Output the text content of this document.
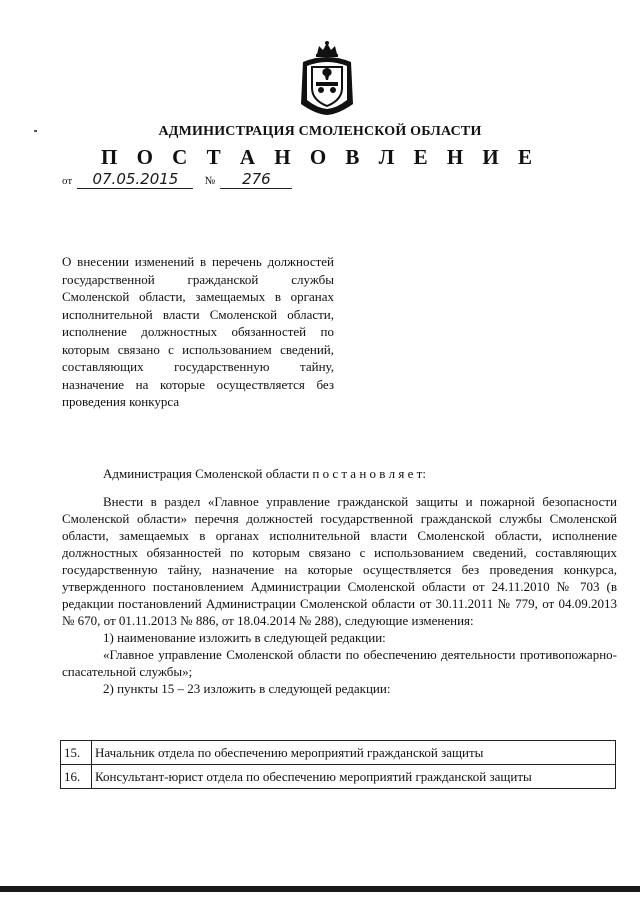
АДМИНИСТРАЦИЯ СМОЛЕНСКОЙ ОБЛАСТИ
П О С Т А Н О В Л Е Н И Е
от 07.05.2015 № 276
О внесении изменений в перечень должностей государственной гражданской службы Смоленской области, замещаемых в органах исполнительной власти Смоленской области, исполнение должностных обязанностей по которым связано с использованием сведений, составляющих государственную тайну, назначение на которые осуществляется без проведения конкурса
Администрация Смоленской области п о с т а н о в л я е т:

Внести в раздел «Главное управление гражданской защиты и пожарной безопасности Смоленской области» перечня должностей государственной гражданской службы Смоленской области, замещаемых в органах исполнительной власти Смоленской области, исполнение должностных обязанностей по которым связано с использованием сведений, составляющих государственную тайну, назначение на которые осуществляется без проведения конкурса, утвержденного постановлением Администрации Смоленской области от 24.11.2010 № 703 (в редакции постановлений Администрации Смоленской области от 30.11.2011 № 779, от 04.09.2013 № 670, от 01.11.2013 № 886, от 18.04.2014 № 288), следующие изменения:

1) наименование изложить в следующей редакции:

«Главное управление Смоленской области по обеспечению деятельности противопожарно-спасательной службы»;

2) пункты 15 – 23 изложить в следующей редакции:

15.	Начальник отдела по обеспечению мероприятий гражданской защиты
16.	Консультант-юрист отдела по обеспечению мероприятий гражданской защиты
